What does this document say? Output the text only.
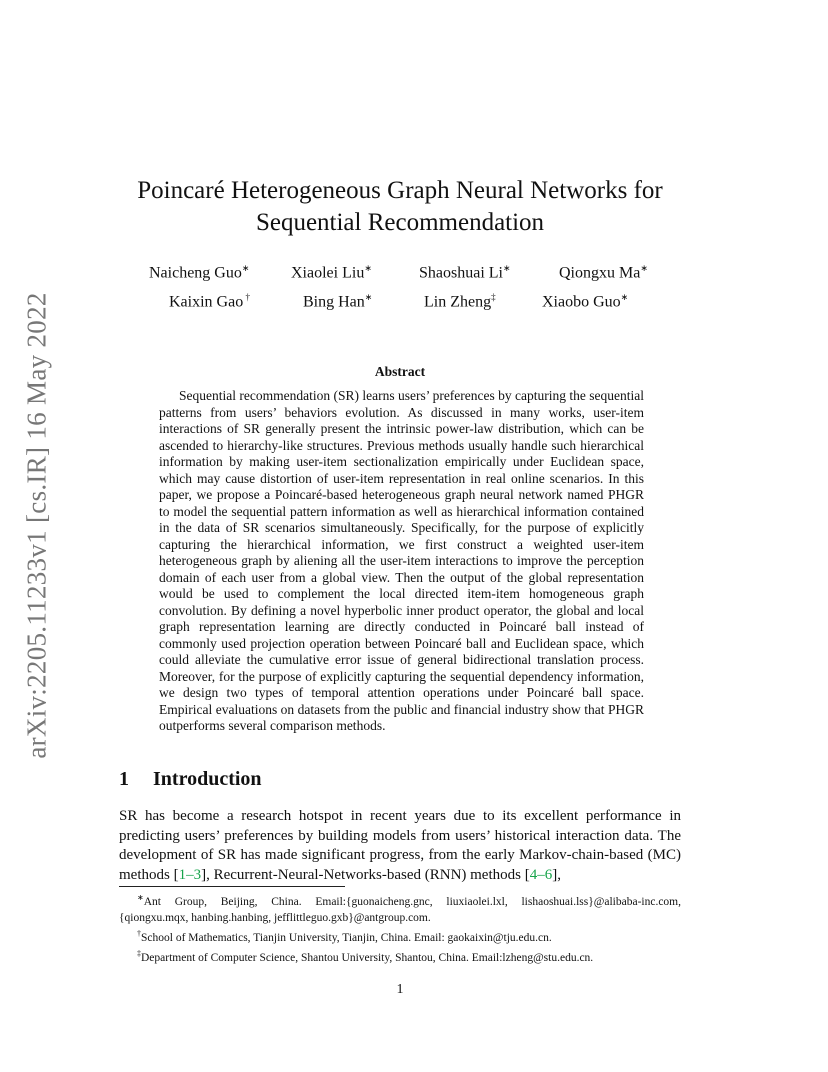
arXiv:2205.11233v1 [cs.IR] 16 May 2022
Poincaré Heterogeneous Graph Neural Networks for
Sequential Recommendation
Naicheng Guo∗	Xiaolei Liu∗	Shaoshuai Li∗	Qiongxu Ma∗
Kaixin Gao †	Bing Han∗	Lin Zheng‡	Xiaobo Guo∗
Abstract

Sequential recommendation (SR) learns users’ preferences by capturing the sequential patterns from users’ behaviors evolution. As discussed in many works, user-item interactions of SR generally present the intrinsic power-law distribution, which can be ascended to hierarchy-like structures. Previous methods usually handle such hierarchical information by making user-item sectionalization empirically under Euclidean space, which may cause distortion of user-item representation in real online scenarios. In this paper, we propose a Poincaré-based heterogeneous graph neural network named PHGR to model the sequential pattern information as well as hierarchical information contained in the data of SR scenarios simultaneously. Specifically, for the purpose of explicitly capturing the hierarchical information, we first construct a weighted user-item heterogeneous graph by aliening all the user-item interactions to improve the perception domain of each user from a global view. Then the output of the global representation would be used to complement the local directed item-item homogeneous graph convolution. By defining a novel hyperbolic inner product operator, the global and local graph representation learning are directly conducted in Poincaré ball instead of commonly used projection operation between Poincaré ball and Euclidean space, which could alleviate the cumulative error issue of general bidirectional translation process. Moreover, for the purpose of explicitly capturing the sequential dependency information, we design two types of temporal attention operations under Poincaré ball space. Empirical evaluations on datasets from the public and financial industry show that PHGR outperforms several comparison methods.

1 Introduction

SR has become a research hotspot in recent years due to its excellent performance in predicting users’ preferences by building models from users’ historical interaction data. The development of SR has made significant progress, from the early Markov-chain-based (MC) methods [1–3], Recurrent-Neural-Networks-based (RNN) methods [4–6],

∗Ant Group, Beijing, China. Email:{guonaicheng.gnc, liuxiaolei.lxl, lishaoshuai.lss}@alibaba-inc.com, {qiongxu.mqx, hanbing.hanbing, jefflittleguo.gxb}@antgroup.com.

†School of Mathematics, Tianjin University, Tianjin, China. Email: gaokaixin@tju.edu.cn.

‡Department of Computer Science, Shantou University, Shantou, China. Email:lzheng@stu.edu.cn.

1
